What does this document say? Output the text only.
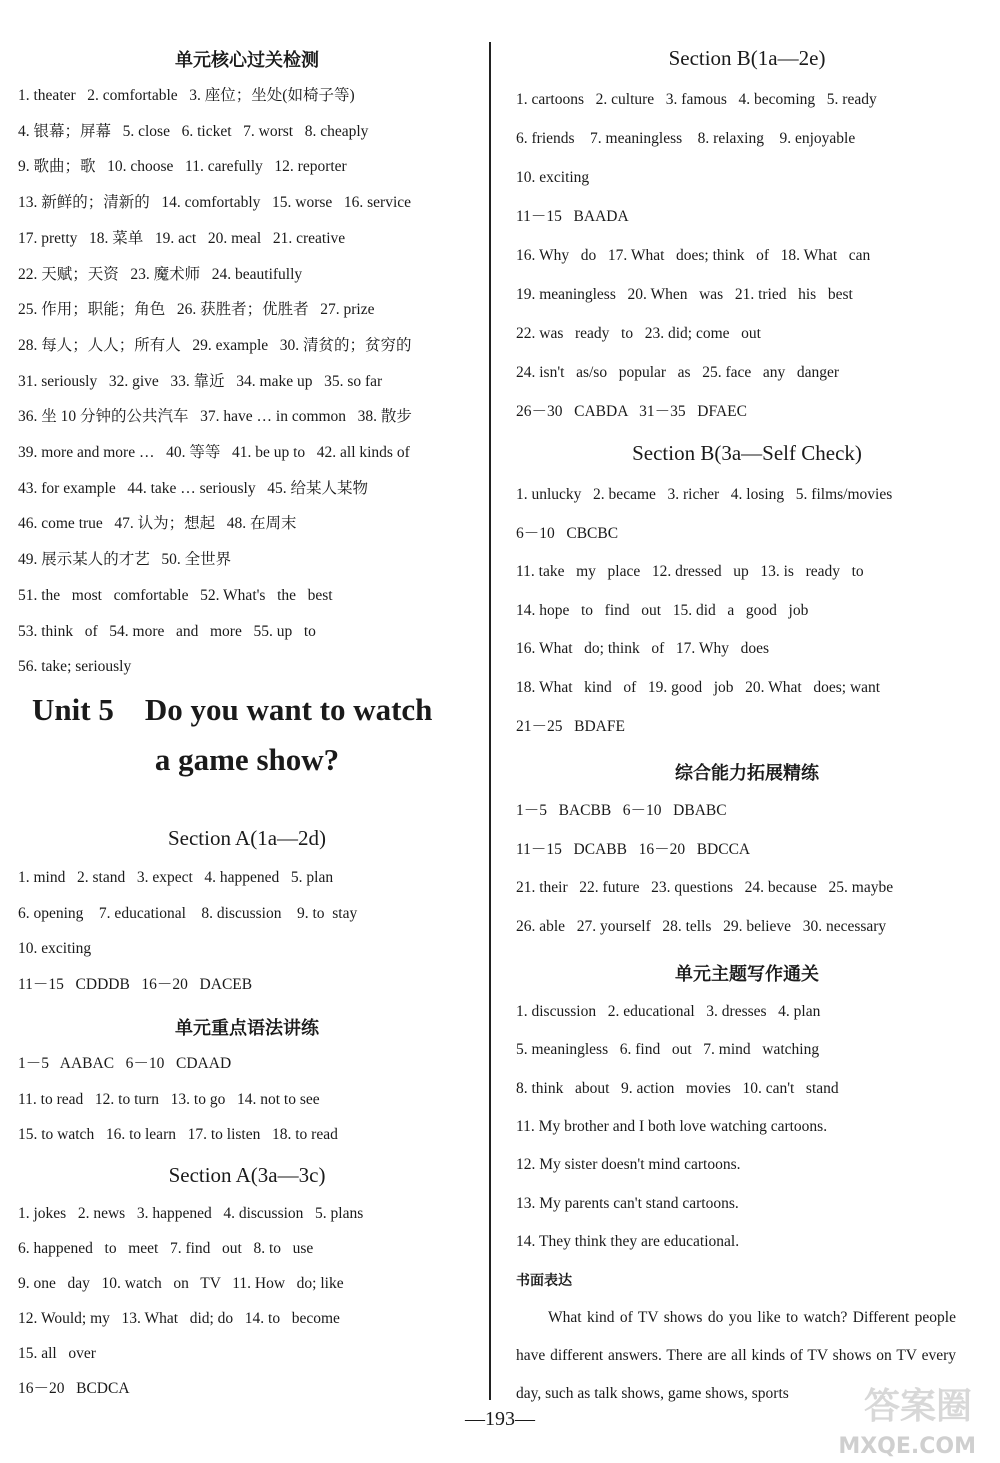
单元核心过关检测
Unit 5    Do you want to watch
a game show?
Section A(1a—2d)
单元重点语法讲练
Section A(3a—3c)
1. theater   2. comfortable   3. 座位；坐处(如椅子等)
4. 银幕；屏幕   5. close   6. ticket   7. worst   8. cheaply
9. 歌曲；歌   10. choose   11. carefully   12. reporter
13. 新鲜的；清新的   14. comfortably   15. worse   16. service
17. pretty   18. 菜单   19. act   20. meal   21. creative
22. 天赋；天资   23. 魔术师   24. beautifully
25. 作用；职能；角色   26. 获胜者；优胜者   27. prize
28. 每人；人人；所有人   29. example   30. 清贫的；贫穷的
31. seriously   32. give   33. 靠近   34. make up   35. so far
36. 坐 10 分钟的公共汽车   37. have … in common   38. 散步
39. more and more …   40. 等等   41. be up to   42. all kinds of
43. for example   44. take … seriously   45. 给某人某物
46. come true   47. 认为；想起   48. 在周末
49. 展示某人的才艺   50. 全世界
51. the   most   comfortable   52. What's   the   best
53. think   of   54. more   and   more   55. up   to
56. take; seriously
1. mind   2. stand   3. expect   4. happened   5. plan
6. opening    7. educational    8. discussion    9. to  stay
10. exciting
11－15   CDDDB   16－20   DACEB
1－5   AABAC   6－10   CDAAD
11. to read   12. to turn   13. to go   14. not to see
15. to watch   16. to learn   17. to listen   18. to read
1. jokes   2. news   3. happened   4. discussion   5. plans
6. happened   to   meet   7. find   out   8. to   use
9. one   day   10. watch   on   TV   11. How   do; like
12. Would; my   13. What   did; do   14. to   become
15. all   over
16－20   BCDCA
Section B(1a—2e)
Section B(3a—Self Check)
综合能力拓展精练
单元主题写作通关
书面表达
What kind of TV shows do you like to watch? Different people have different answers. There are all kinds of TV shows on TV every day, such as talk shows, game shows, sports
1. cartoons   2. culture   3. famous   4. becoming   5. ready
6. friends    7. meaningless    8. relaxing    9. enjoyable
10. exciting
11－15   BAADA
16. Why   do   17. What   does; think   of   18. What   can
19. meaningless   20. When   was   21. tried   his   best
22. was   ready   to   23. did; come   out
24. isn't   as/so   popular   as   25. face   any   danger
26－30   CABDA   31－35   DFAEC
1. unlucky   2. became   3. richer   4. losing   5. films/movies
6－10   CBCBC
11. take   my   place   12. dressed   up   13. is   ready   to
14. hope   to   find   out   15. did   a   good   job
16. What   do; think   of   17. Why   does
18. What   kind   of   19. good   job   20. What   does; want
21－25   BDAFE
1－5   BACBB   6－10   DBABC
11－15   DCABB   16－20   BDCCA
21. their   22. future   23. questions   24. because   25. maybe
26. able   27. yourself   28. tells   29. believe   30. necessary
1. discussion   2. educational   3. dresses   4. plan
5. meaningless   6. find   out   7. mind   watching
8. think   about   9. action   movies   10. can't   stand
11. My brother and I both love watching cartoons.
12. My sister doesn't mind cartoons.
13. My parents can't stand cartoons.
14. They think they are educational.
—193—	答案圈
MXQE.COM
